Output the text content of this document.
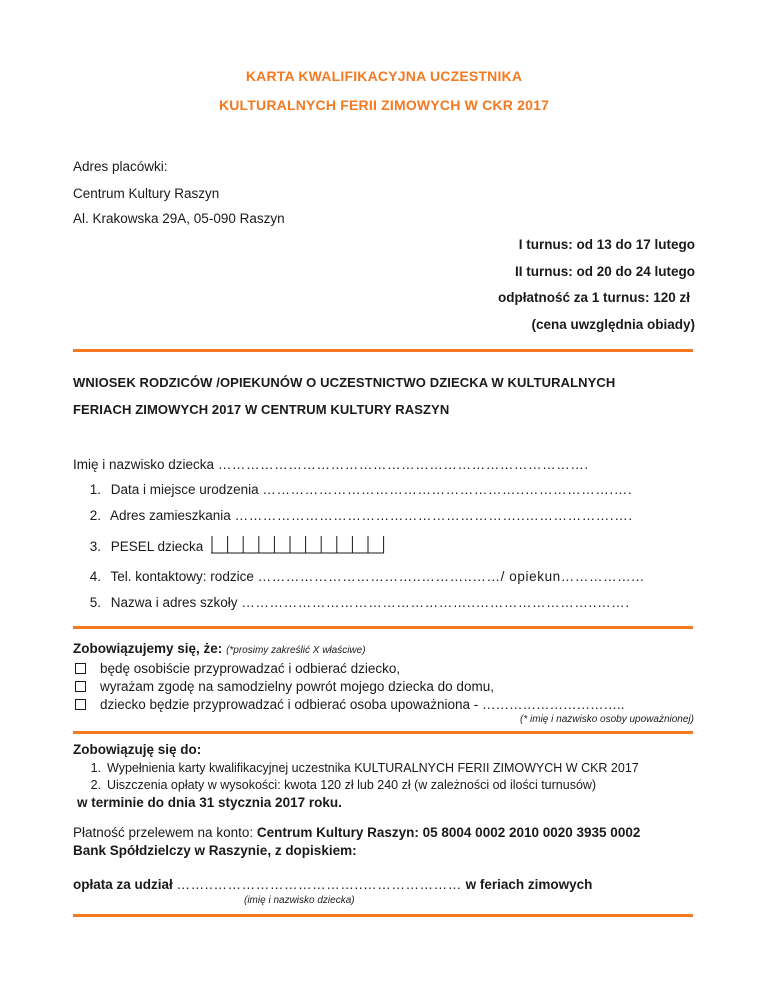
KARTA KWALIFIKACYJNA UCZESTNIKA
KULTURALNYCH FERII ZIMOWYCH W CKR 2017
Adres placówki:
Centrum Kultury Raszyn
Al. Krakowska 29A, 05-090 Raszyn
I turnus: od 13 do 17 lutego
II turnus: od 20 do 24 lutego
odpłatność za 1 turnus: 120 zł
(cena uwzględnia obiady)
WNIOSEK RODZICÓW /OPIEKUNÓW O UCZESTNICTWO DZIECKA W KULTURALNYCH
FERIACH ZIMOWYCH 2017 W CENTRUM KULTURY RASZYN
Imię i nazwisko dziecka …………………………………………………………………….
1. Data i miejsce urodzenia ………………………………………………..……………….….
2. Adres zamieszkania ……………………………………………………..……………….….
3. PESEL dziecka
4. Tel. kontaktowy: rodzice ……………………………..………..……/ opiekun……………...
5. Nazwa i adres szkoły …………………………………………..……………………..…….
Zobowiązujemy się, że: (*prosimy zakreślić X właściwe)
będę osobiście przyprowadzać i odbierać dziecko,
wyrażam zgodę na samodzielny powrót mojego dziecka do domu,
dziecko będzie przyprowadzać i odbierać osoba upoważniona - …………………………..
(* imię i nazwisko osoby upoważnionej)
Zobowiązuję się do:
1. Wypełnienia karty kwalifikacyjnej uczestnika KULTURALNYCH FERII ZIMOWYCH W CKR 2017
2. Uiszczenia opłaty w wysokości: kwota 120 zł lub 240 zł (w zależności od ilości turnusów)
w terminie do dnia 31 stycznia 2017 roku.
Płatność przelewem na konto: Centrum Kultury Raszyn: 05 8004 0002 2010 0020 3935 0002
Bank Spółdzielczy w Raszynie, z dopiskiem:
opłata za udział ……..…………………………..………………… w feriach zimowych
(imię i nazwisko dziecka)
